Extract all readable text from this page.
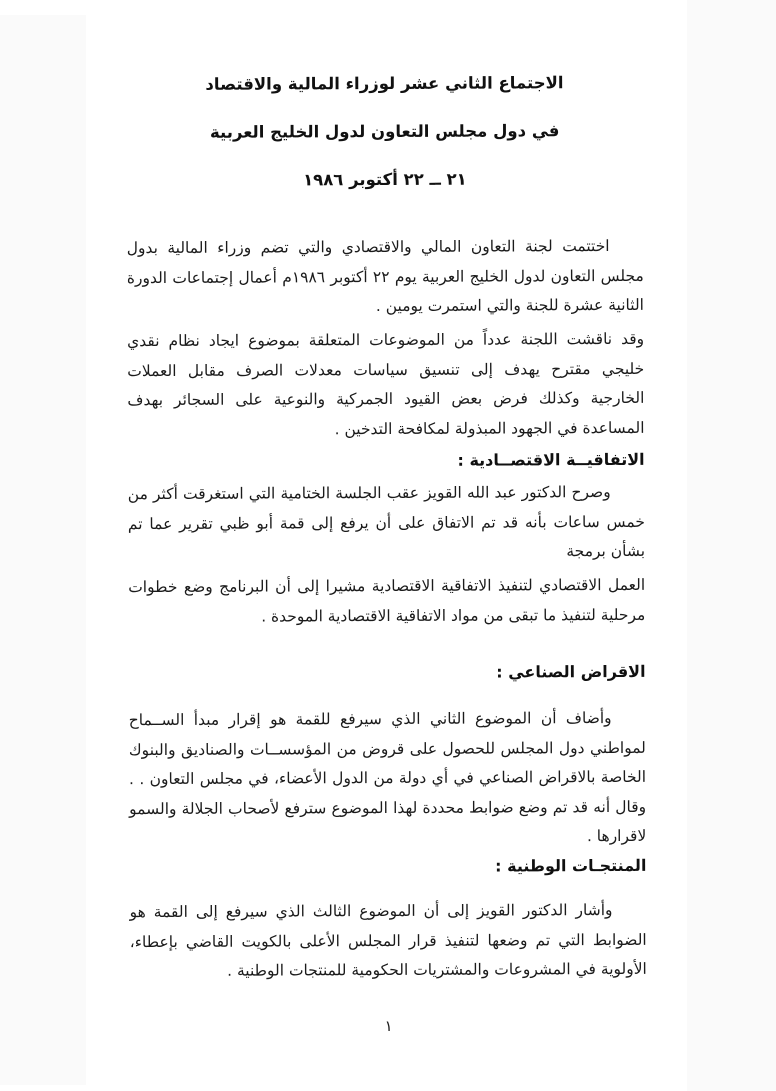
الاجتماع الثاني عشر لوزراء المالية والاقتصاد
في دول مجلس التعاون لدول الخليج العربية
٢١ ــ ٢٢ أكتوبر ١٩٨٦

اختتمت لجنة التعاون المالي والاقتصادي والتي تضم وزراء المالية بدول مجلس التعاون لدول الخليج العربية يوم ٢٢ أكتوبر ١٩٨٦م أعمال إجتماعات الدورة الثانية عشرة للجنة والتي استمرت يومين .

وقد ناقشت اللجنة عدداً من الموضوعات المتعلقة بموضوع ايجاد نظام نقدي خليجي مقترح يهدف إلى تنسيق سياسات معدلات الصرف مقابل العملات الخارجية وكذلك فرض بعض القيود الجمركية والنوعية على السجائر بهدف المساعدة في الجهود المبذولة لمكافحة التدخين .

الاتفاقيــة الاقتصــادية :

وصرح الدكتور عبد الله القويز عقب الجلسة الختامية التي استغرقت أكثر من خمس ساعات بأنه قد تم الاتفاق على أن يرفع إلى قمة أبو ظبي تقرير عما تم بشأن برمجة

العمل الاقتصادي لتنفيذ الاتفاقية الاقتصادية مشيرا إلى أن البرنامج وضع خطوات مرحلية لتنفيذ ما تبقى من مواد الاتفاقية الاقتصادية الموحدة .

الاقراض الصناعي :

وأضاف أن الموضوع الثاني الذي سيرفع للقمة هو إقرار مبدأ الســماح لمواطني دول المجلس للحصول على قروض من المؤسســات والصناديق والبنوك الخاصة بالاقراض الصناعي في أي دولة من الدول الأعضاء، في مجلس التعاون . . وقال أنه قد تم وضع ضوابط محددة لهذا الموضوع سترفع لأصحاب الجلالة والسمو لاقرارها .

المنتجـات الوطنية :

وأشار الدكتور القويز إلى أن الموضوع الثالث الذي سيرفع إلى القمة هو الضوابط التي تم وضعها لتنفيذ قرار المجلس الأعلى بالكويت القاضي بإعطاء، الأولوية في المشروعات والمشتريات الحكومية للمنتجات الوطنية .

١
